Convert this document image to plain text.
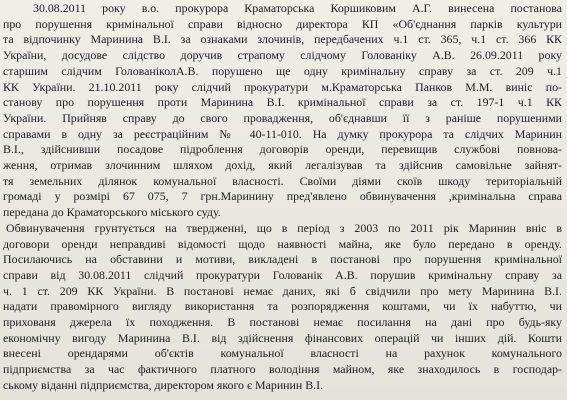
30.08.2011 року в.о. прокурора Краматорська Коршиковим А.Г. винесена постанова
про порушення кримінальної справи відносно директора КП «Об'єднання парків культури
та відпочинку Маринина В.І. за ознаками злочинів, передбачених ч.1 ст. 365, ч.1 ст. 366 КК
України, досудове слідство доручив страпому слідчому Голованіку А.В. 26.09.2011 року
старшим слідчим ГолованіколА.В. порушено ще одну кримінальну справу за ст. 209 ч.1
КК України. 21.10.2011 року слідчий прокуратури м.Краматорська Панков М.М. виніс по-
станову про порушення проти Маринина В.І. кримінальної справи за ст. 197-1 ч.1 КК
України. Прийняв справу до свого провадження, об'єднавши її з раніше порушеними
справами в одну за реєстраційним № 40-11-010. На думку прокурора та слідчих Маринин
В.І., здійснивши посадове підроблення договорів оренди, перевищив службові повнова-
ження, отримав злочинним шляхом дохід, який легалізував та здійснив самовільне зайнят-
тя земельних ділянок комунальної власності. Своїми діями скоїв шкоду територіальній
громаді у розмірі 67 075, 7 грн.Маринину пред'явлено обвинувачення ,кримінальна справа
передана до Краматорського міського суду.
Обвинувачення грунтується на твердженні, що в період з 2003 по 2011 рік Маринин вніс в
договори оренди неправдиві відомості щодо наявності майна, яке було передано в оренду.
Посилаючись на обставини и мотиви, викладені в постанові про порушення кримінальної
справи від 30.08.2011 слідчий прокуратури Голованік А.В. порушив кримінальну справу за
ч. 1 ст. 209 КК України. В постанові немає даних, які б свідчили про мету Маринина В.І.
надати правомірного вигляду використання та розпорядження коштами, чи їх набуттю, чи
прихованя джерела їх походження. В постанові немає посилання на дані про будь-яку
економічну вигоду Маринина В.І. від здійснення фінансових операцій чи інших дій. Кошти
внесені орендарями об'єктів комунальної власності на рахунок комунального
підприємства за час фактичного платного володіння майном, яке знаходилось в господар-
ському віданні підприємства, директором якого є Маринин В.І.
